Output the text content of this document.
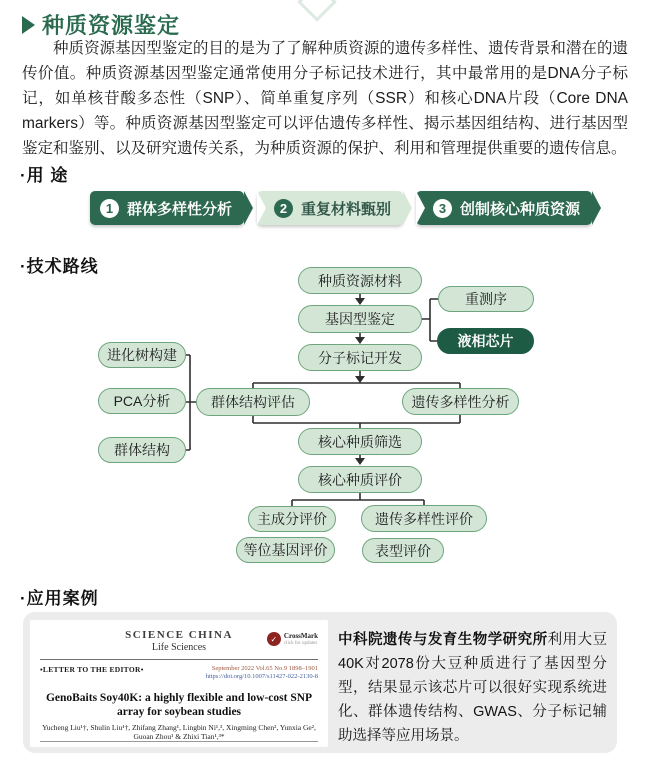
种质资源鉴定
种质资源基因型鉴定的目的是为了了解种质资源的遗传多样性、遗传背景和潜在的遗传价值。种质资源基因型鉴定通常使用分子标记技术进行，其中最常用的是DNA分子标记，如单核苷酸多态性（SNP）、简单重复序列（SSR）和核心DNA片段（Core DNA markers）等。种质资源基因型鉴定可以评估遗传多样性、揭示基因组结构、进行基因型鉴定和鉴别、以及研究遗传关系，为种质资源的保护、利用和管理提供重要的遗传信息。
·用 途
1 群体多样性分析	2 重复材料甄别	3 创制核心种质资源
·技术路线
种质资源材料
基因型鉴定
重测序
液相芯片
分子标记开发
进化树构建
PCA分析
群体结构
群体结构评估	遗传多样性分析
核心种质筛选
核心种质评价
主成分评价	遗传多样性评价
等位基因评价	表型评价
·应用案例
SCIENCE CHINA
Life Sciences
✓ CrossMark
click for updates
•LETTER TO THE EDITOR•	September 2022 Vol.65 No.9 1898–1901
https://doi.org/10.1007/s11427-022-2130-8
GenoBaits Soy40K: a highly flexible and low-cost SNP array for soybean studies
Yucheng Liu¹†, Shulin Liu¹†, Zhifang Zhang¹, Lingbin Ni¹,³, Xingming Chen², Yunxia Ge², Guoan Zhou¹ & Zhixi Tian¹,³*
中科院遗传与发育生物学研究所利用大豆40K对2078份大豆种质进行了基因型分型，结果显示该芯片可以很好实现系统进化、群体遗传结构、GWAS、分子标记辅助选择等应用场景。
